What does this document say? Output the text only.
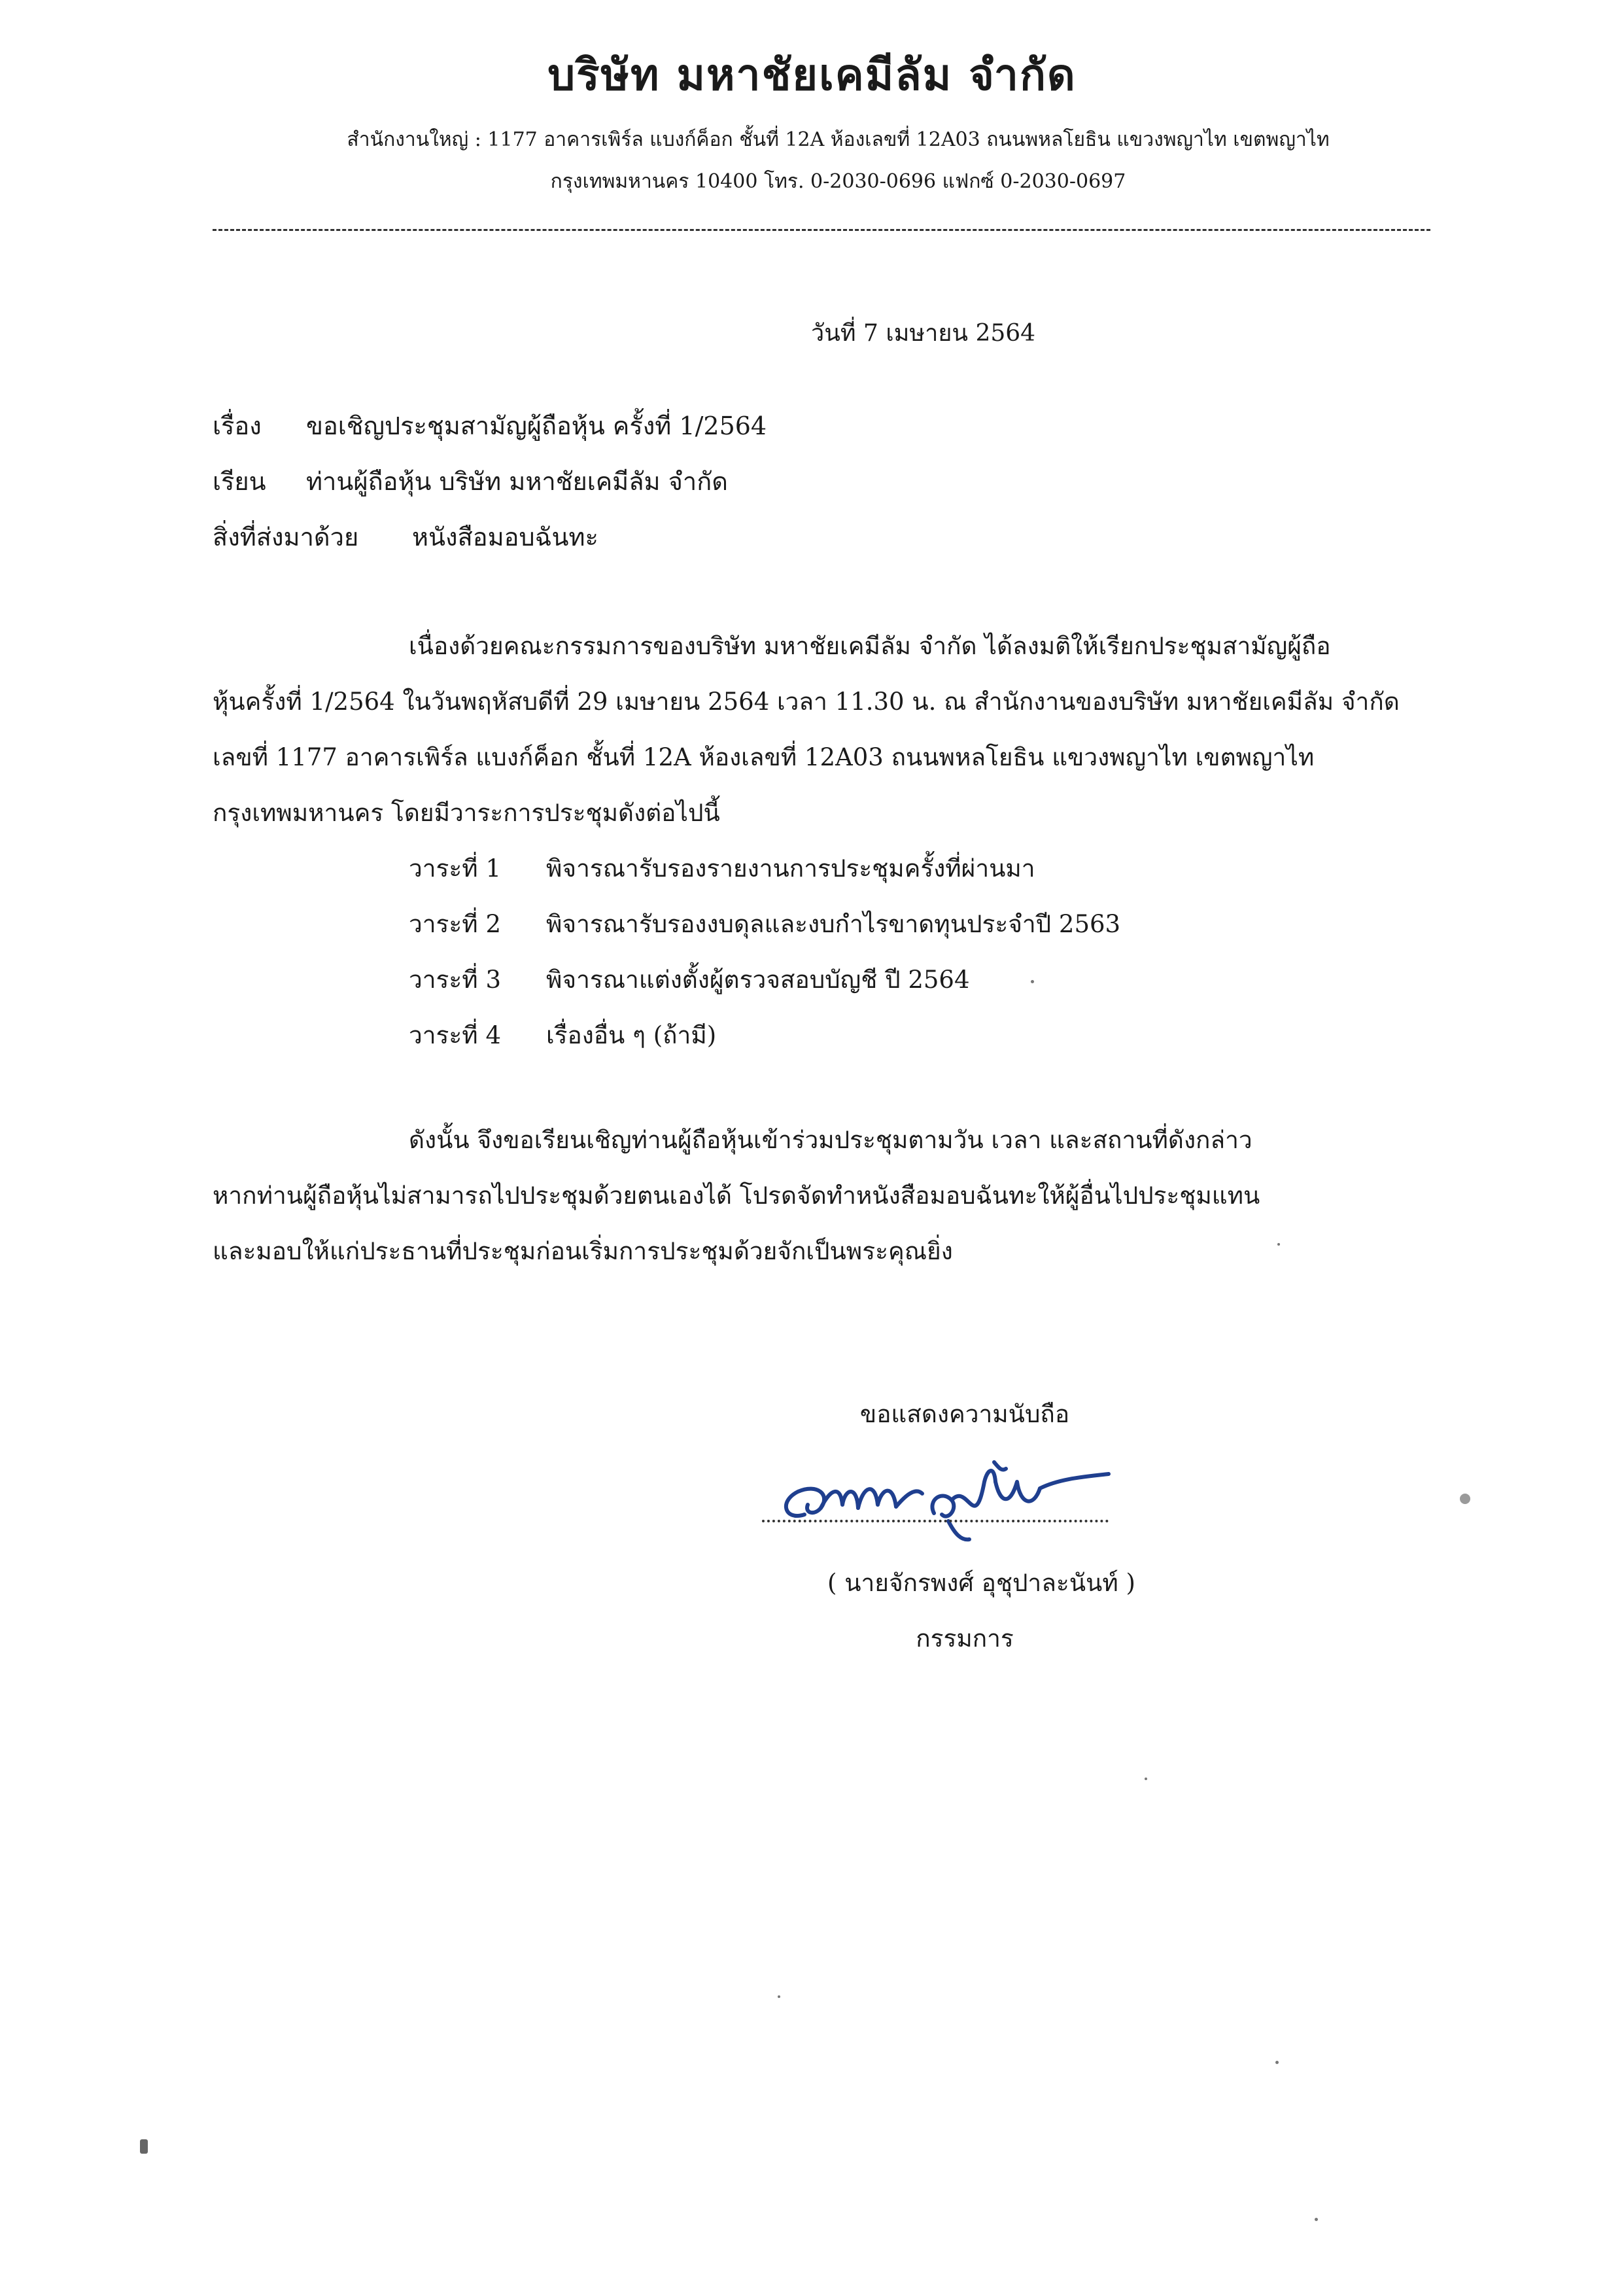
บริษัท มหาชัยเคมีลัม จำกัด
สำนักงานใหญ่ : 1177 อาคารเพิร์ล แบงก์ค็อก ชั้นที่ 12A ห้องเลขที่ 12A03 ถนนพหลโยธิน แขวงพญาไท เขตพญาไท
กรุงเทพมหานคร 10400 โทร. 0-2030-0696 แฟกซ์ 0-2030-0697
วันที่ 7 เมษายน 2564
เรื่อง ขอเชิญประชุมสามัญผู้ถือหุ้น ครั้งที่ 1/2564
เรียน ท่านผู้ถือหุ้น บริษัท มหาชัยเคมีลัม จำกัด
สิ่งที่ส่งมาด้วย หนังสือมอบฉันทะ
เนื่องด้วยคณะกรรมการของบริษัท มหาชัยเคมีลัม จำกัด ได้ลงมติให้เรียกประชุมสามัญผู้ถือ
หุ้นครั้งที่ 1/2564 ในวันพฤหัสบดีที่ 29 เมษายน 2564 เวลา 11.30 น. ณ สำนักงานของบริษัท มหาชัยเคมีลัม จำกัด
เลขที่ 1177 อาคารเพิร์ล แบงก์ค็อก ชั้นที่ 12A ห้องเลขที่ 12A03 ถนนพหลโยธิน แขวงพญาไท เขตพญาไท
กรุงเทพมหานคร โดยมีวาระการประชุมดังต่อไปนี้
วาระที่ 1 พิจารณารับรองรายงานการประชุมครั้งที่ผ่านมา
วาระที่ 2 พิจารณารับรองงบดุลและงบกำไรขาดทุนประจำปี 2563
วาระที่ 3 พิจารณาแต่งตั้งผู้ตรวจสอบบัญชี ปี 2564
วาระที่ 4 เรื่องอื่น ๆ (ถ้ามี)
ดังนั้น จึงขอเรียนเชิญท่านผู้ถือหุ้นเข้าร่วมประชุมตามวัน เวลา และสถานที่ดังกล่าว
หากท่านผู้ถือหุ้นไม่สามารถไปประชุมด้วยตนเองได้ โปรดจัดทำหนังสือมอบฉันทะให้ผู้อื่นไปประชุมแทน
และมอบให้แก่ประธานที่ประชุมก่อนเริ่มการประชุมด้วยจักเป็นพระคุณยิ่ง
ขอแสดงความนับถือ
( นายจักรพงศ์ อุชุปาละนันท์ )
กรรมการ
